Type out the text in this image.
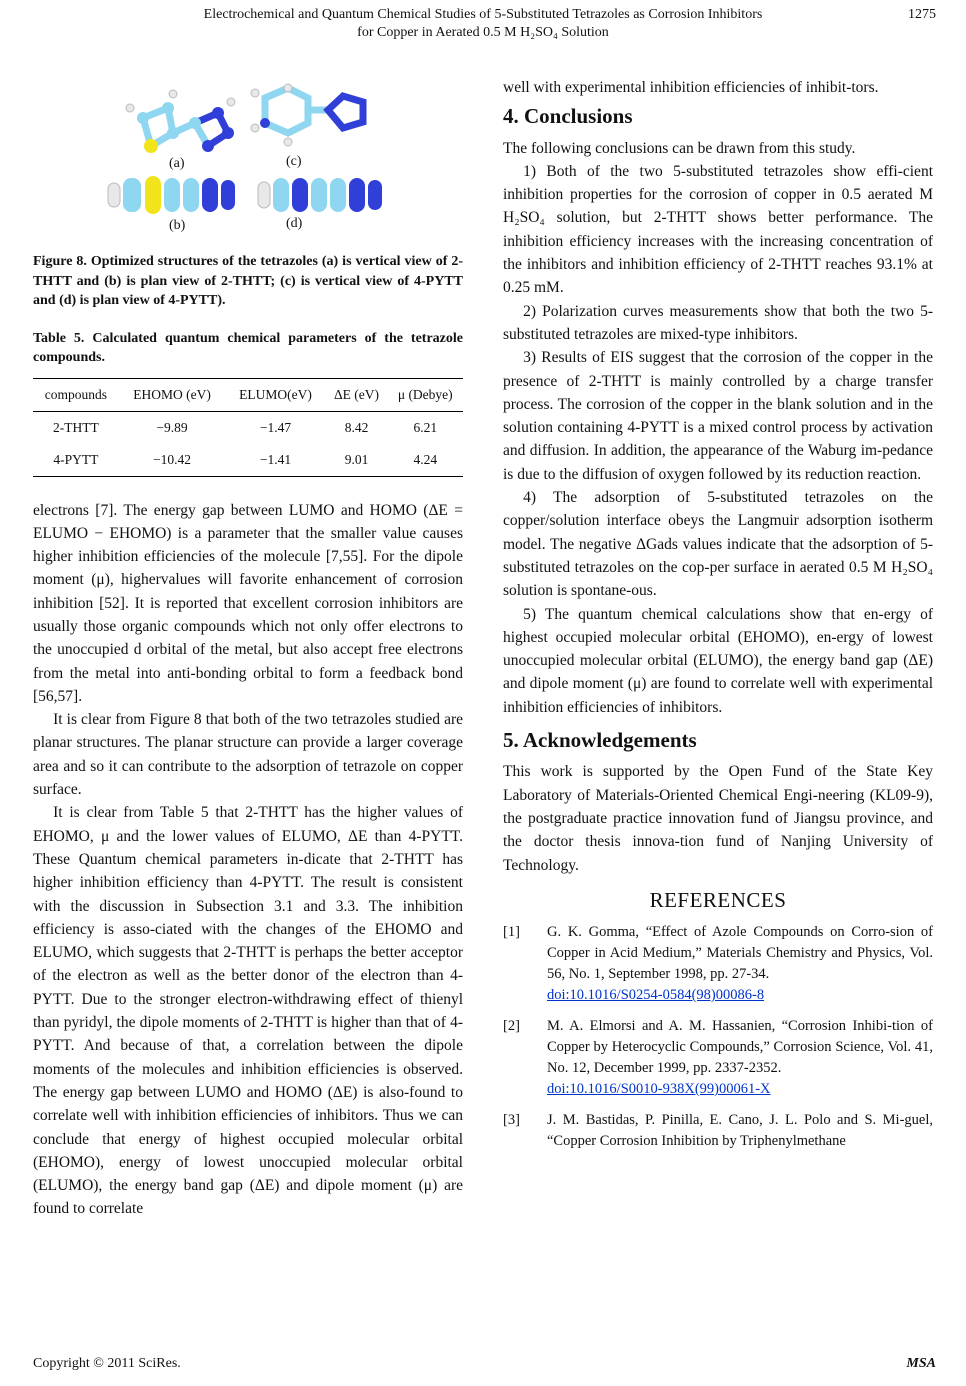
Electrochemical and Quantum Chemical Studies of 5-Substituted Tetrazoles as Corrosion Inhibitors
for Copper in Aerated 0.5 M H₂SO₄ Solution
1275
(a)	(c)
(b)	(d)

Figure 8. Optimized structures of the tetrazoles (a) is vertical view of 2-THTT and (b) is plan view of 2-THTT; (c) is vertical view of 4-PYTT and (d) is plan view of 4-PYTT).

Table 5. Calculated quantum chemical parameters of the tetrazole compounds.

compounds	EHOMO (eV)	ELUMO(eV)	ΔE (eV)	μ (Debye)
2-THTT	−9.89	−1.47	8.42	6.21
4-PYTT	−10.42	−1.41	9.01	4.24

electrons [7]. The energy gap between LUMO and HOMO (ΔE = ELUMO − EHOMO) is a parameter that the smaller value causes higher inhibition efficiencies of the molecule [7,55]. For the dipole moment (μ), highervalues will favorite enhancement of corrosion inhibition [52]. It is reported that excellent corrosion inhibitors are usually those organic compounds which not only offer electrons to the unoccupied d orbital of the metal, but also accept free electrons from the metal into anti-bonding orbital to form a feedback bond [56,57].

It is clear from Figure 8 that both of the two tetrazoles studied are planar structures. The planar structure can provide a larger coverage area and so it can contribute to the adsorption of tetrazole on copper surface.

It is clear from Table 5 that 2-THTT has the higher values of EHOMO, μ and the lower values of ELUMO, ΔE than 4-PYTT. These Quantum chemical parameters in-dicate that 2-THTT has higher inhibition efficiency than 4-PYTT. The result is consistent with the discussion in Subsection 3.1 and 3.3. The inhibition efficiency is asso-ciated with the changes of the EHOMO and ELUMO, which suggests that 2-THTT is perhaps the better acceptor of the electron as well as the better donor of the electron than 4-PYTT. Due to the stronger electron-withdrawing effect of thienyl than pyridyl, the dipole moments of 2-THTT is higher than that of 4-PYTT. And because of that, a correlation between the dipole moments of the molecules and inhibition efficiencies is observed. The energy gap between LUMO and HOMO (ΔE) is also-found to correlate well with inhibition efficiencies of inhibitors. Thus we can conclude that energy of highest occupied molecular orbital (EHOMO), energy of lowest unoccupied molecular orbital (ELUMO), the energy band gap (ΔE) and dipole moment (μ) are found to correlate

well with experimental inhibition efficiencies of inhibit-tors.

4. Conclusions

The following conclusions can be drawn from this study.

1) Both of the two 5-substituted tetrazoles show effi-cient inhibition properties for the corrosion of copper in 0.5 aerated M H₂SO₄ solution, but 2-THTT shows better performance. The inhibition efficiency increases with the increasing concentration of the inhibitors and inhibition efficiency of 2-THTT reaches 93.1% at 0.25 mM.

2) Polarization curves measurements show that both the two 5-substituted tetrazoles are mixed-type inhibitors.

3) Results of EIS suggest that the corrosion of the copper in the presence of 2-THTT is mainly controlled by a charge transfer process. The corrosion of the copper in the blank solution and in the solution containing 4-PYTT is a mixed control process by activation and diffusion. In addition, the appearance of the Waburg im-pedance is due to the diffusion of oxygen followed by its reduction reaction.

4) The adsorption of 5-substituted tetrazoles on the copper/solution interface obeys the Langmuir adsorption isotherm model. The negative ΔGads values indicate that the adsorption of 5-substituted tetrazoles on the cop-per surface in aerated 0.5 M H₂SO₄ solution is spontane-ous.

5) The quantum chemical calculations show that en-ergy of highest occupied molecular orbital (EHOMO), en-ergy of lowest unoccupied molecular orbital (ELUMO), the energy band gap (ΔE) and dipole moment (μ) are found to correlate well with experimental inhibition efficiencies of inhibitors.

5. Acknowledgements

This work is supported by the Open Fund of the State Key Laboratory of Materials-Oriented Chemical Engi-neering (KL09-9), the postgraduate practice innovation fund of Jiangsu province, and the doctor thesis innova-tion fund of Nanjing University of Technology.

REFERENCES
[1]	G. K. Gomma, “Effect of Azole Compounds on Corro-sion of Copper in Acid Medium,” Materials Chemistry and Physics, Vol. 56, No. 1, September 1998, pp. 27-34.
doi:10.1016/S0254-0584(98)00086-8
[2]	M. A. Elmorsi and A. M. Hassanien, “Corrosion Inhibi-tion of Copper by Heterocyclic Compounds,” Corrosion Science, Vol. 41, No. 12, December 1999, pp. 2337-2352.
doi:10.1016/S0010-938X(99)00061-X
[3]	J. M. Bastidas, P. Pinilla, E. Cano, J. L. Polo and S. Mi-guel, “Copper Corrosion Inhibition by Triphenylmethane
Copyright © 2011 SciRes.	MSA
